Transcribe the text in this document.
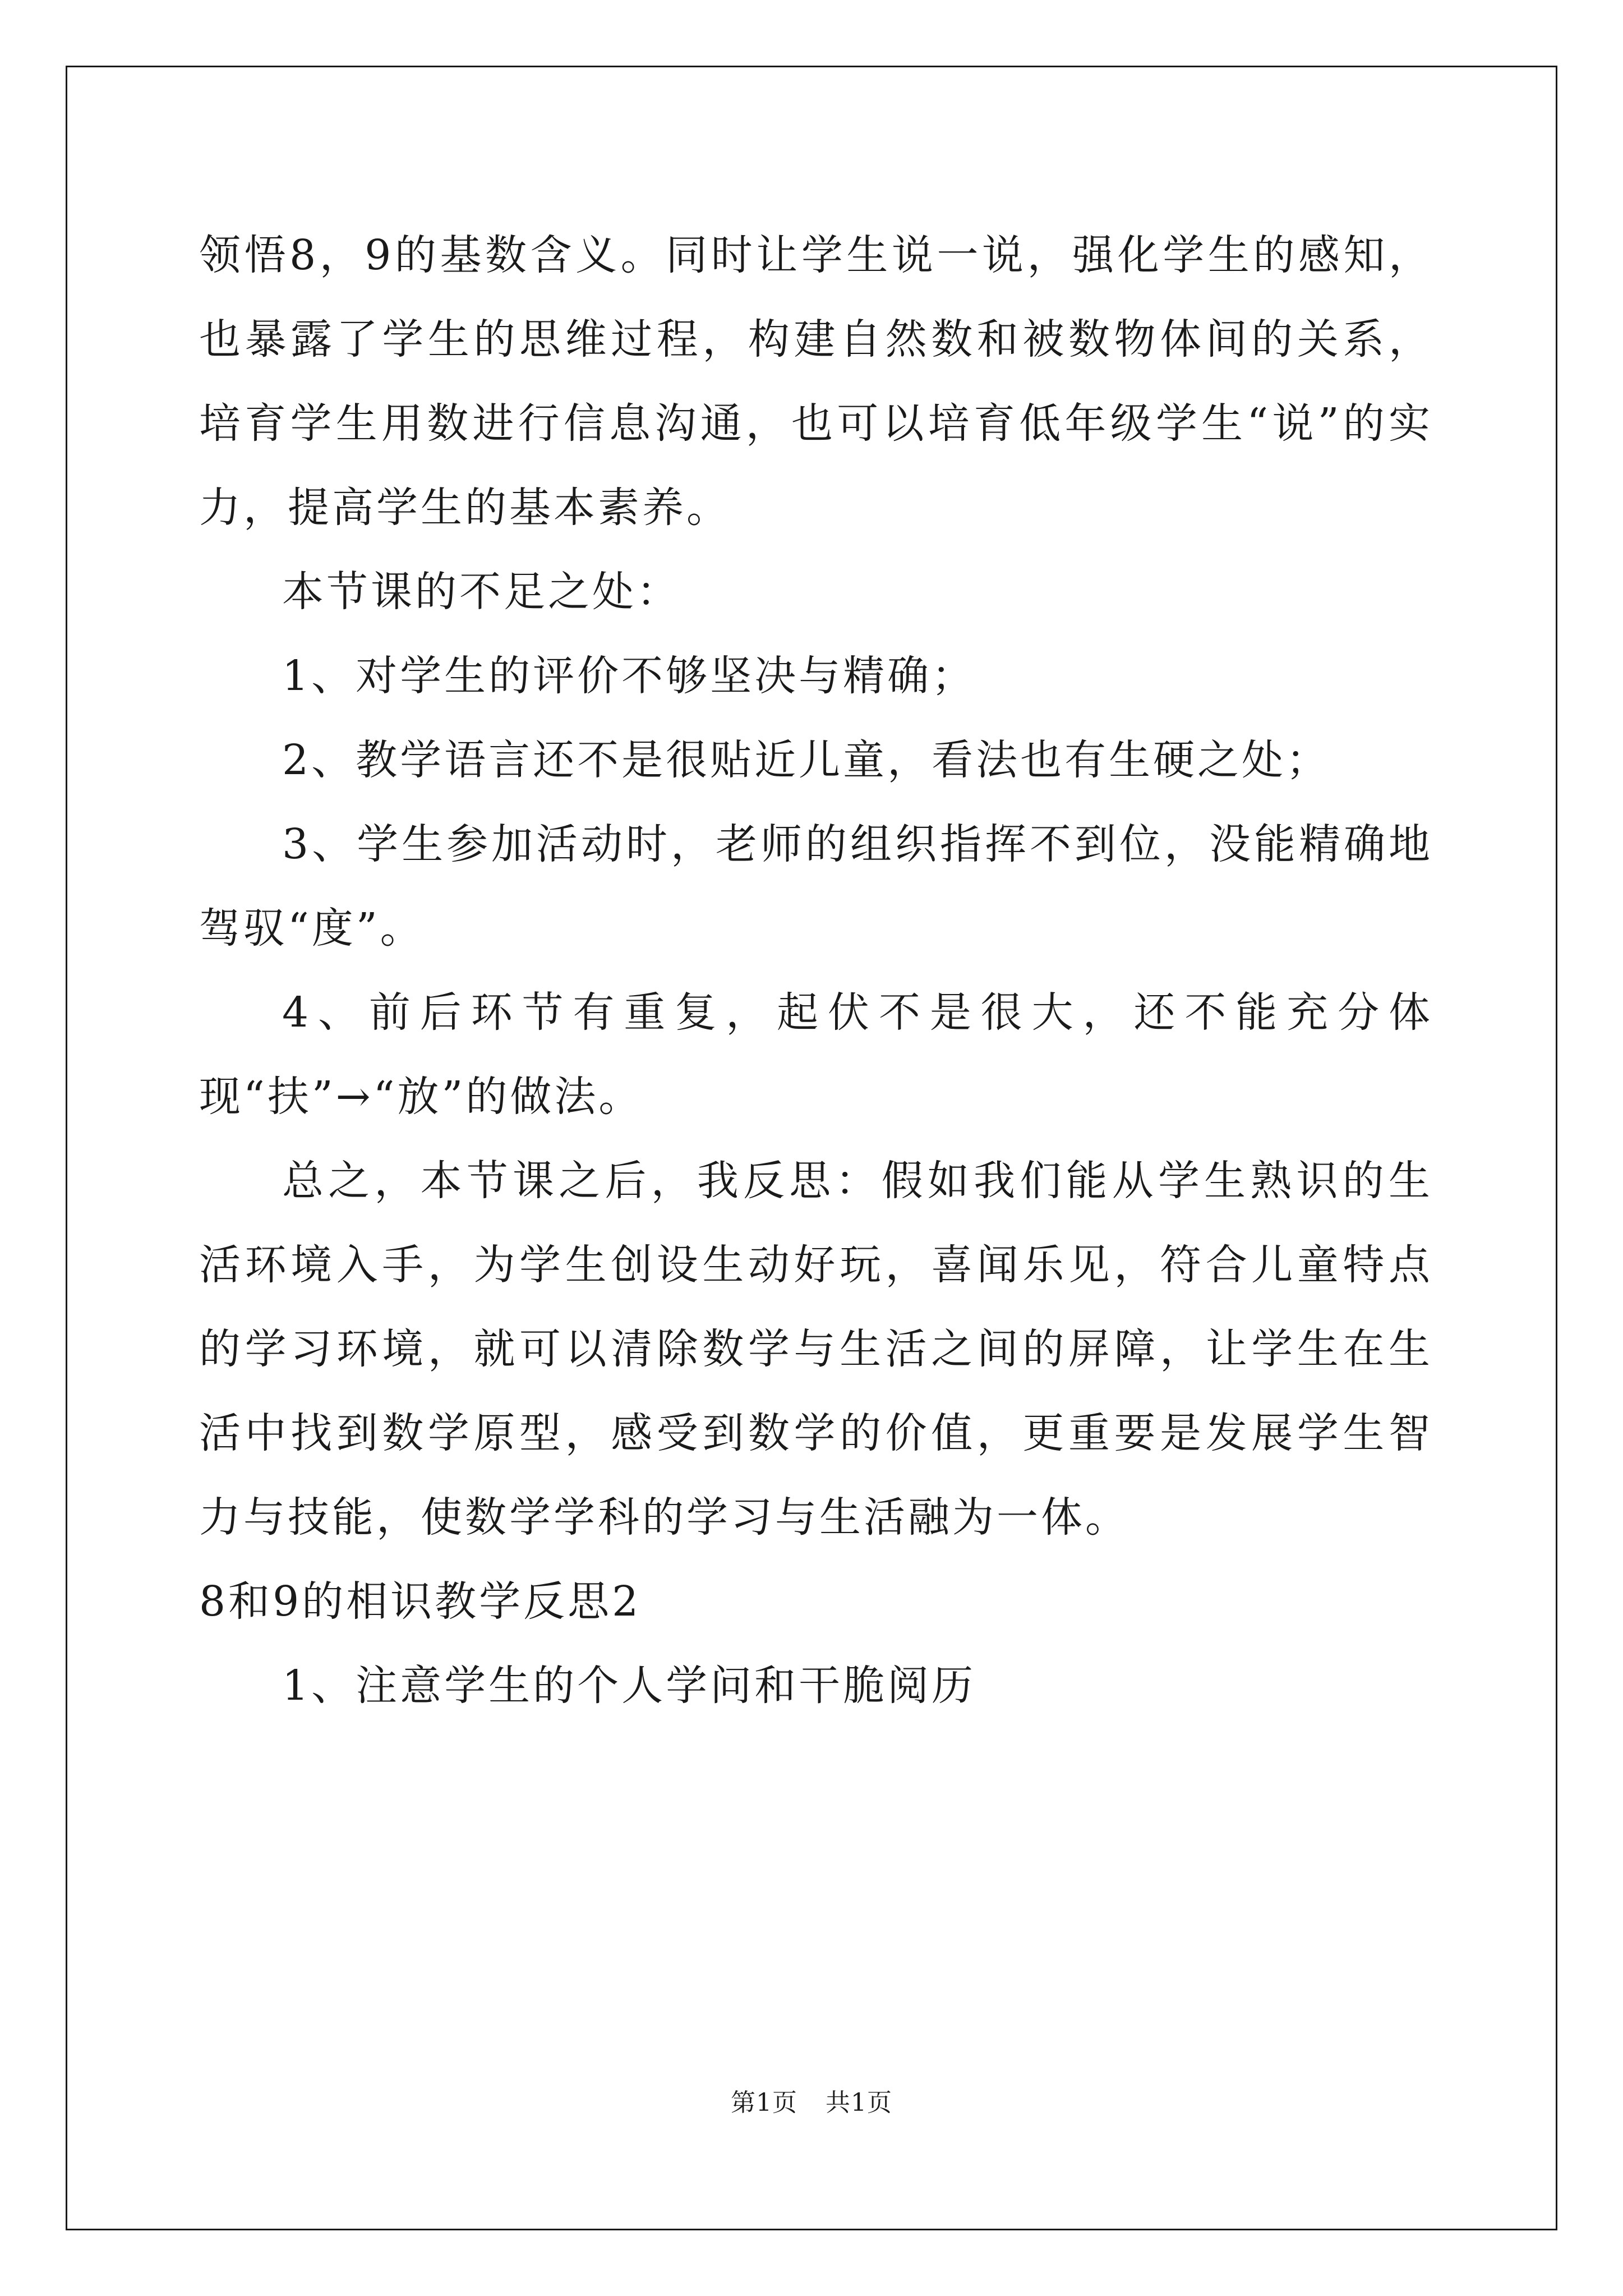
领悟8，9的基数含义。同时让学生说一说，强化学生的感知，也暴露了学生的思维过程，构建自然数和被数物体间的关系，培育学生用数进行信息沟通，也可以培育低年级学生“说”的实力，提高学生的基本素养。

本节课的不足之处：

1、对学生的评价不够坚决与精确；

2、教学语言还不是很贴近儿童，看法也有生硬之处；

3、学生参加活动时，老师的组织指挥不到位，没能精确地驾驭“度”。

4、前后环节有重复，起伏不是很大，还不能充分体现“扶”→“放”的做法。

总之，本节课之后，我反思：假如我们能从学生熟识的生活环境入手，为学生创设生动好玩，喜闻乐见，符合儿童特点的学习环境，就可以清除数学与生活之间的屏障，让学生在生活中找到数学原型，感受到数学的价值，更重要是发展学生智力与技能，使数学学科的学习与生活融为一体。

8和9的相识教学反思2

1、注意学生的个人学问和干脆阅历

第1页 共1页
